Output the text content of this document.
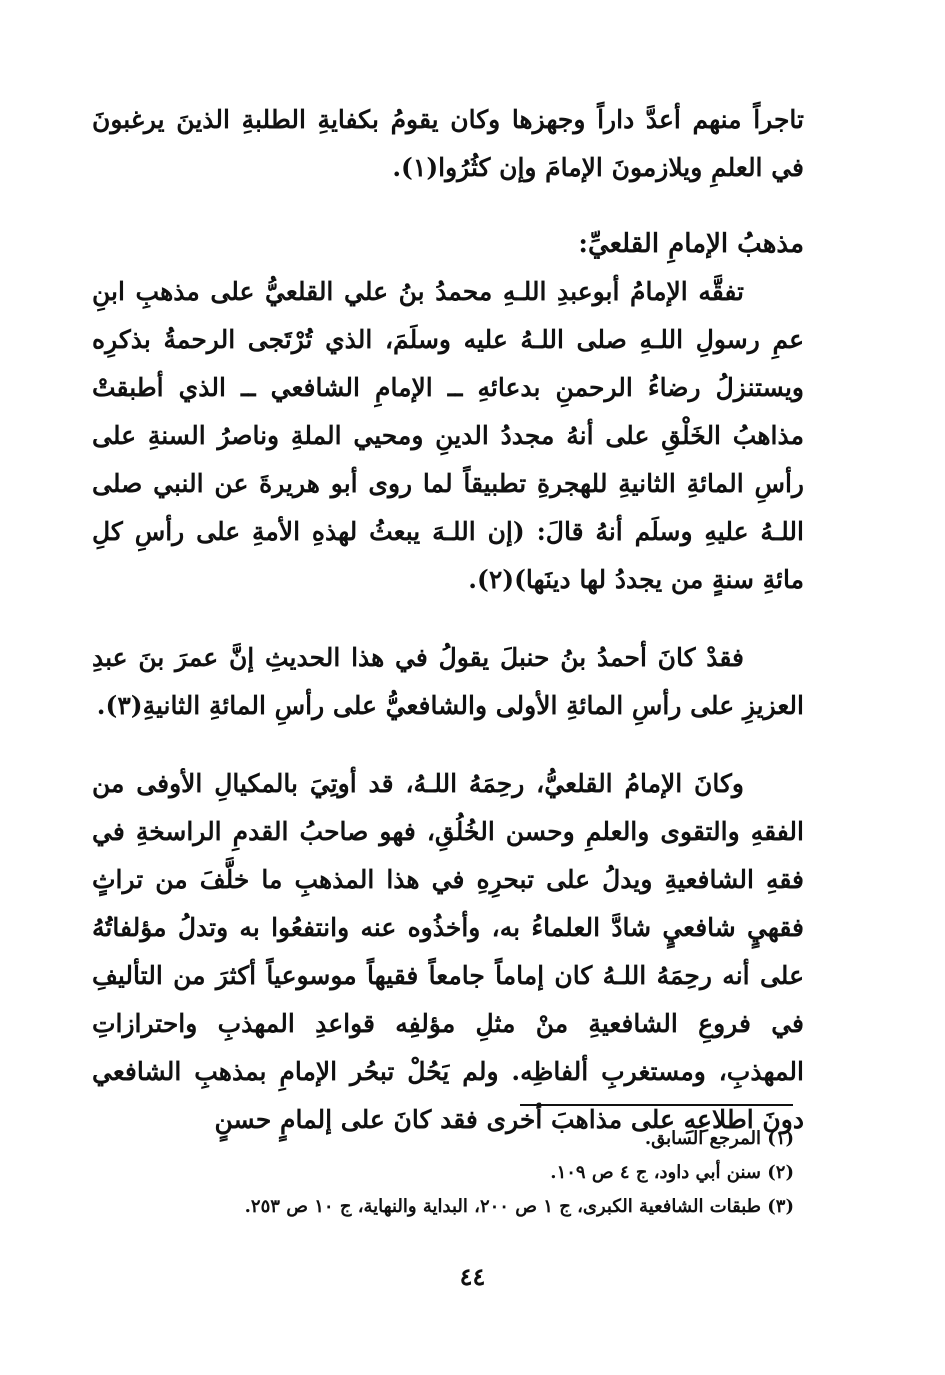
تاجراً منهم أعدَّ داراً وجهزها وكان يقومُ بكفايةِ الطلبةِ الذينَ يرغبونَ في العلمِ ويلازمونَ الإمامَ وإن كثُرُوا(١).

مذهبُ الإمامِ القلعيِّ:

تفقَّه الإمامُ أبوعبدِ اللـهِ محمدُ بنُ علي القلعيُّ على مذهبِ ابنِ عمِ رسولِ اللـهِ صلى اللـهُ عليه وسلَمَ، الذي تُرْتَجى الرحمةُ بذكرِه ويستنزلُ رضاءُ الرحمنِ بدعائهِ ــ الإمامِ الشافعي ــ الذي أطبقتْ مذاهبُ الخَلْقِ على أنهُ مجددُ الدينِ ومحيي الملةِ وناصرُ السنةِ على رأسِ المائةِ الثانيةِ للهجرةِ تطبيقاً لما روى أبو هريرةَ عن النبي صلى اللـهُ عليهِ وسلَم أنهُ قالَ: (إن اللـهَ يبعثُ لهذهِ الأمةِ على رأسِ كلِ مائةِ سنةٍ من يجددُ لها دينَها)(٢).

فقدْ كانَ أحمدُ بنُ حنبلَ يقولُ في هذا الحديثِ إنَّ عمرَ بنَ عبدِ العزيزِ على رأسِ المائةِ الأولى والشافعيُّ على رأسِ المائةِ الثانيةِ(٣).

وكانَ الإمامُ القلعيُّ، رحِمَهُ اللـهُ، قد أوتِيَ بالمكيالِ الأوفى من الفقهِ والتقوى والعلمِ وحسن الخُلُقِ، فهو صاحبُ القدمِ الراسخةِ في فقهِ الشافعيةِ ويدلُ على تبحرِهِ في هذا المذهبِ ما خلَّفَ من تراثٍ فقهيٍ شافعيٍ شادَّ العلماءُ به، وأخذُوه عنه وانتفعُوا به وتدلُ مؤلفاتُهُ على أنه رحِمَهُ اللـهُ كان إماماً جامعاً فقيهاً موسوعياً أكثرَ من التأليفِ في فروعِ الشافعيةِ منْ مثلِ مؤلفِه قواعدِ المهذبِ واحترازاتِ المهذبِ، ومستغربِ ألفاظِه. ولم يَحُلْ تبحُر الإمامِ بمذهبِ الشافعي دونَ اطلاعِهِ على مذاهبَ أخرى فقد كانَ على إلمامٍ حسنٍ

(١) المرجع السابق.

(٢) سنن أبي داود، ج ٤ ص ١٠٩.

(٣) طبقات الشافعية الكبرى، ج ١ ص ٢٠٠، البداية والنهاية، ج ١٠ ص ٢٥٣.

٤٤
